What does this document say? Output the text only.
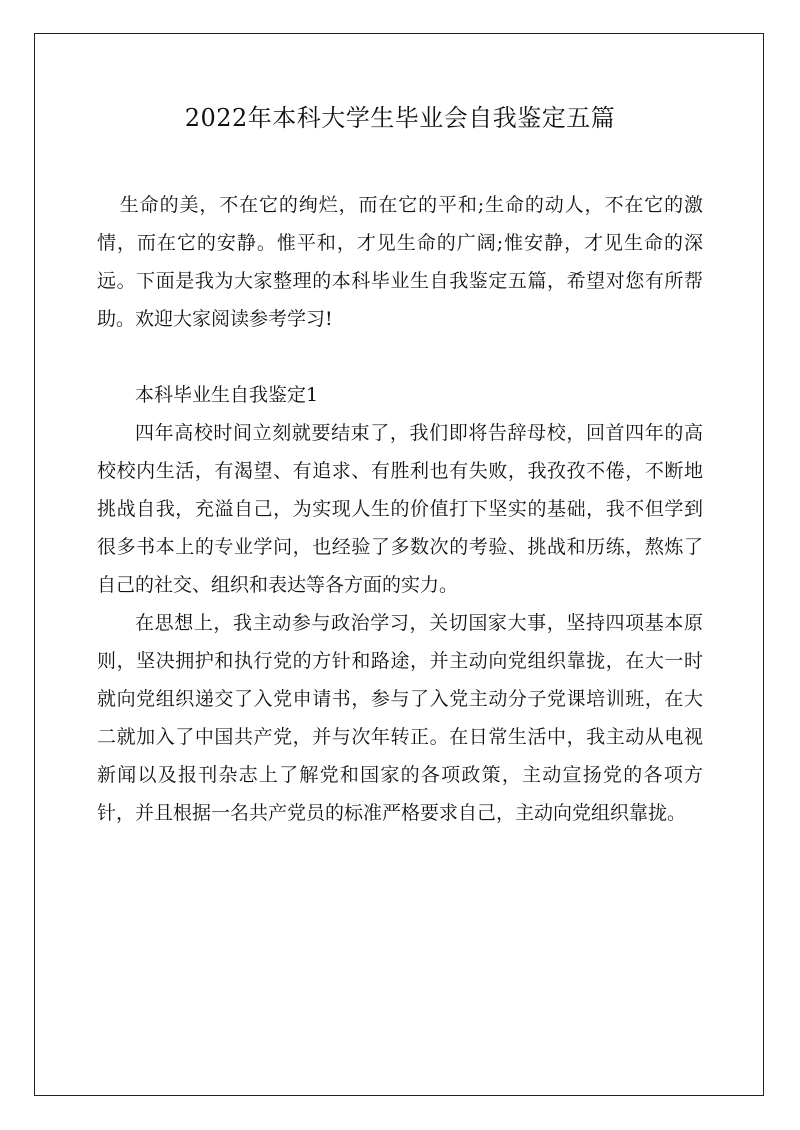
2022年本科大学生毕业会自我鉴定五篇

生命的美，不在它的绚烂，而在它的平和;生命的动人，不在它的激情，而在它的安静。惟平和，才见生命的广阔;惟安静，才见生命的深远。下面是我为大家整理的本科毕业生自我鉴定五篇，希望对您有所帮助。欢迎大家阅读参考学习!

本科毕业生自我鉴定1

四年高校时间立刻就要结束了，我们即将告辞母校，回首四年的高校校内生活，有渴望、有追求、有胜利也有失败，我孜孜不倦，不断地挑战自我，充溢自己，为实现人生的价值打下坚实的基础，我不但学到很多书本上的专业学问，也经验了多数次的考验、挑战和历练，熬炼了自己的社交、组织和表达等各方面的实力。

在思想上，我主动参与政治学习，关切国家大事，坚持四项基本原则，坚决拥护和执行党的方针和路途，并主动向党组织靠拢，在大一时就向党组织递交了入党申请书，参与了入党主动分子党课培训班，在大二就加入了中国共产党，并与次年转正。在日常生活中，我主动从电视新闻以及报刊杂志上了解党和国家的各项政策，主动宣扬党的各项方针，并且根据一名共产党员的标准严格要求自己，主动向党组织靠拢。
